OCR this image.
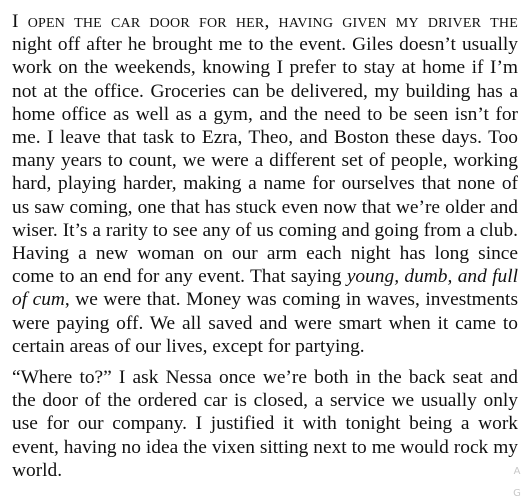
I open the car door for her, having given my driver the night off after he brought me to the event. Giles doesn’t usually work on the weekends, knowing I prefer to stay at home if I’m not at the office. Groceries can be delivered, my building has a home office as well as a gym, and the need to be seen isn’t for me. I leave that task to Ezra, Theo, and Boston these days. Too many years to count, we were a different set of people, working hard, playing harder, making a name for ourselves that none of us saw coming, one that has stuck even now that we’re older and wiser. It’s a rarity to see any of us coming and going from a club. Having a new woman on our arm each night has long since come to an end for any event. That saying young, dumb, and full of cum, we were that. Money was coming in waves, investments were paying off. We all saved and were smart when it came to certain areas of our lives, except for partying.

“Where to?” I ask Nessa once we’re both in the back seat and the door of the ordered car is closed, a service we usually only use for our company. I justified it with tonight being a work event, having no idea the vixen sitting next to me would rock my world.	A
G
